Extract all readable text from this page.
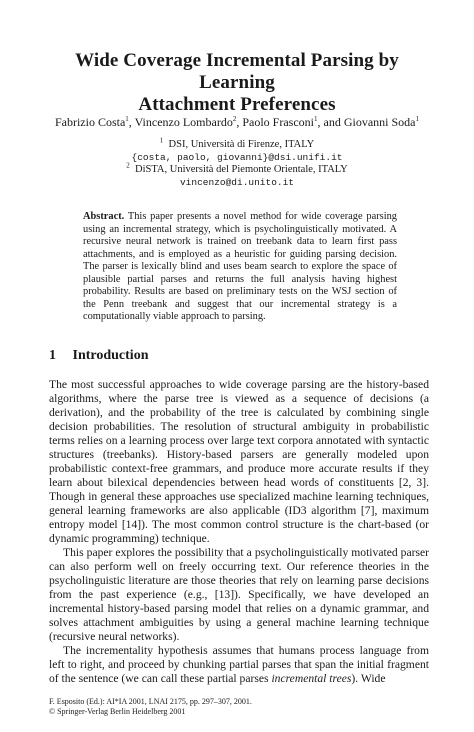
Wide Coverage Incremental Parsing by Learning
Attachment Preferences
Fabrizio Costa$^1$, Vincenzo Lombardo$^2$, Paolo Frasconi$^1$, and Giovanni Soda$^1$
$^1$ DSI, Università di Firenze, ITALY
{costa, paolo, giovanni}@dsi.unifi.it
$^2$ DiSTA, Università del Piemonte Orientale, ITALY
vincenzo@di.unito.it
Abstract. This paper presents a novel method for wide coverage parsing using an incremental strategy, which is psycholinguistically motivated. A recursive neural network is trained on treebank data to learn first pass attachments, and is employed as a heuristic for guiding parsing decision. The parser is lexically blind and uses beam search to explore the space of plausible partial parses and returns the full analysis having highest probability. Results are based on preliminary tests on the WSJ section of the Penn treebank and suggest that our incremental strategy is a computationally viable approach to parsing.
1 Introduction

The most successful approaches to wide coverage parsing are the history-based algorithms, where the parse tree is viewed as a sequence of decisions (a derivation), and the probability of the tree is calculated by combining single decision probabilities. The resolution of structural ambiguity in probabilistic terms relies on a learning process over large text corpora annotated with syntactic structures (treebanks). History-based parsers are generally modeled upon probabilistic context-free grammars, and produce more accurate results if they learn about bilexical dependencies between head words of constituents [2, 3]. Though in general these approaches use specialized machine learning techniques, general learning frameworks are also applicable (ID3 algorithm [7], maximum entropy model [14]). The most common control structure is the chart-based (or dynamic programming) technique.

This paper explores the possibility that a psycholinguistically motivated parser can also perform well on freely occurring text. Our reference theories in the psycholinguistic literature are those theories that rely on learning parse decisions from the past experience (e.g., [13]). Specifically, we have developed an incremental history-based parsing model that relies on a dynamic grammar, and solves attachment ambiguities by using a general machine learning technique (recursive neural networks).

The incrementality hypothesis assumes that humans process language from left to right, and proceed by chunking partial parses that span the initial fragment of the sentence (we can call these partial parses incremental trees). Wide

F. Esposito (Ed.): AI*IA 2001, LNAI 2175, pp. 297–307, 2001.
© Springer-Verlag Berlin Heidelberg 2001
